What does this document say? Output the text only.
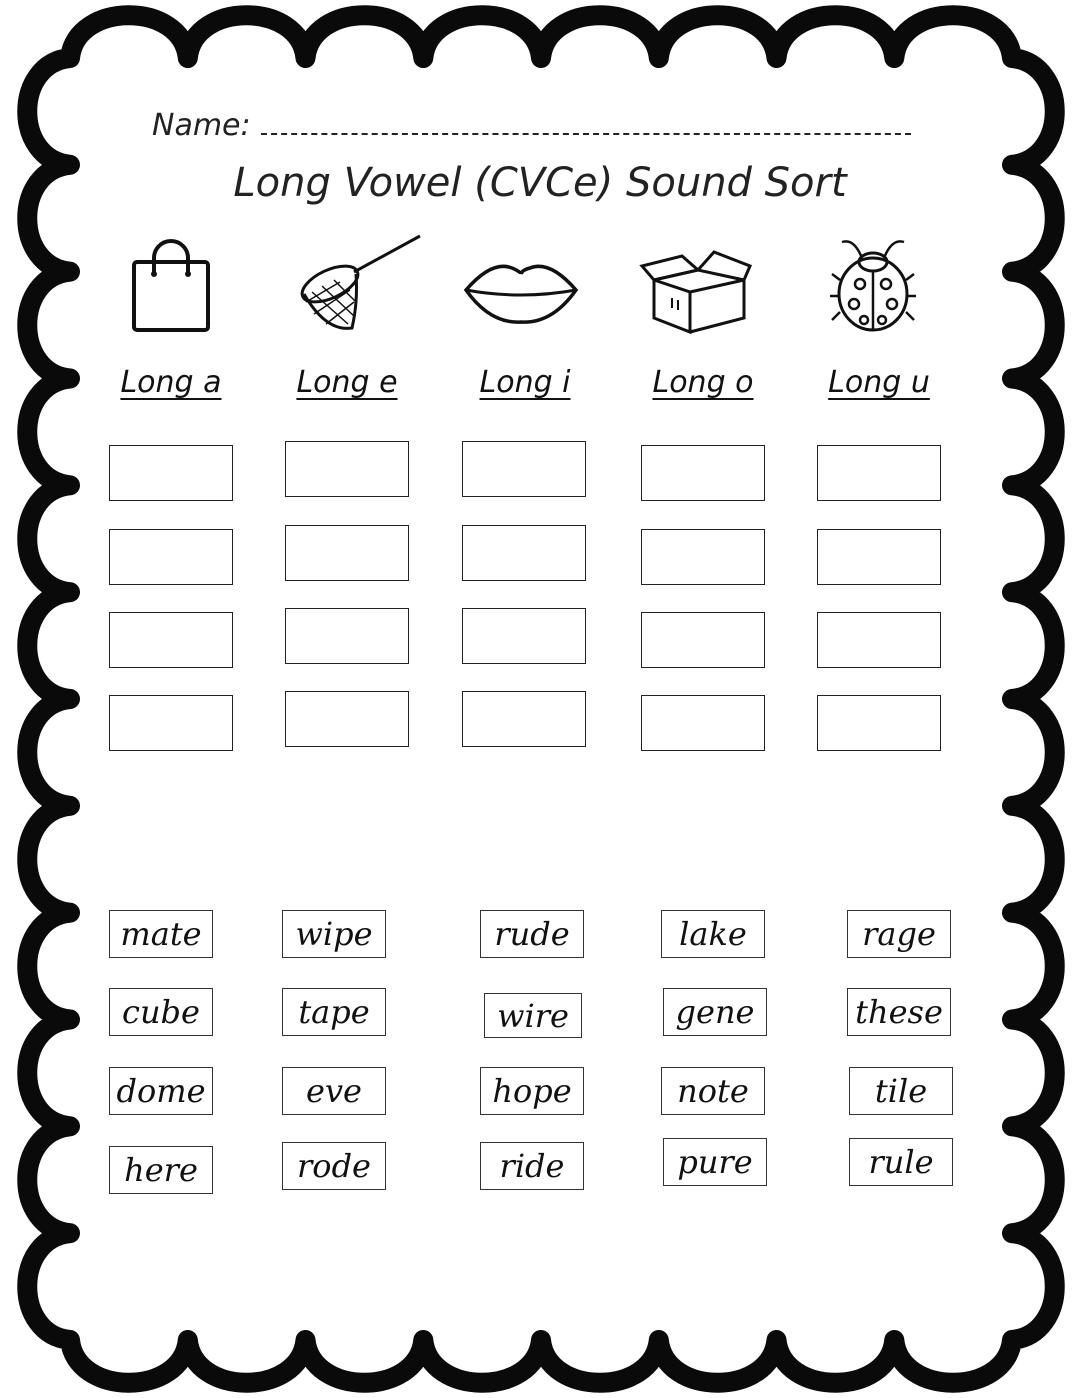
Name:
Long Vowel (CVCe) Sound Sort
Long a	Long e	Long i	Long o	Long u
mate	wipe	rude	lake	rage
cube	tape	wire	gene	these
dome	eve	hope	note	tile
here	rode	ride	pure	rule
